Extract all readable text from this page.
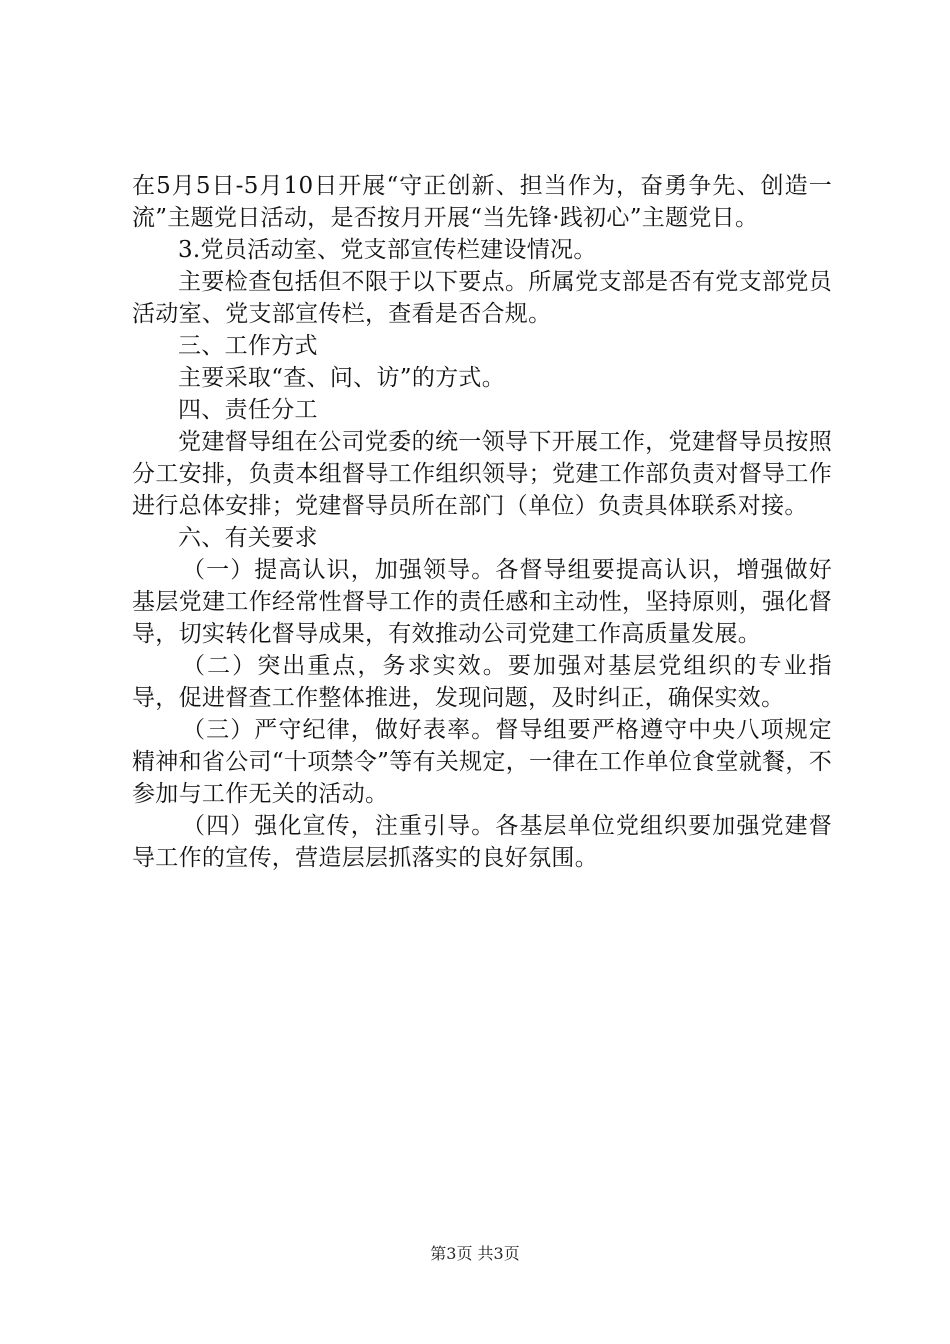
在5月5日-5月10日开展“守正创新、担当作为，奋勇争先、创造一流”主题党日活动，是否按月开展“当先锋·践初心”主题党日。

3.党员活动室、党支部宣传栏建设情况。

主要检查包括但不限于以下要点。所属党支部是否有党支部党员活动室、党支部宣传栏，查看是否合规。

三、工作方式

主要采取“查、问、访”的方式。

四、责任分工

党建督导组在公司党委的统一领导下开展工作，党建督导员按照分工安排，负责本组督导工作组织领导；党建工作部负责对督导工作进行总体安排；党建督导员所在部门（单位）负责具体联系对接。

六、有关要求

（一）提高认识，加强领导。各督导组要提高认识，增强做好基层党建工作经常性督导工作的责任感和主动性，坚持原则，强化督导，切实转化督导成果，有效推动公司党建工作高质量发展。

（二）突出重点，务求实效。要加强对基层党组织的专业指导，促进督查工作整体推进，发现问题，及时纠正，确保实效。

（三）严守纪律，做好表率。督导组要严格遵守中央八项规定精神和省公司“十项禁令”等有关规定，一律在工作单位食堂就餐，不参加与工作无关的活动。

（四）强化宣传，注重引导。各基层单位党组织要加强党建督导工作的宣传，营造层层抓落实的良好氛围。

第3页 共3页
